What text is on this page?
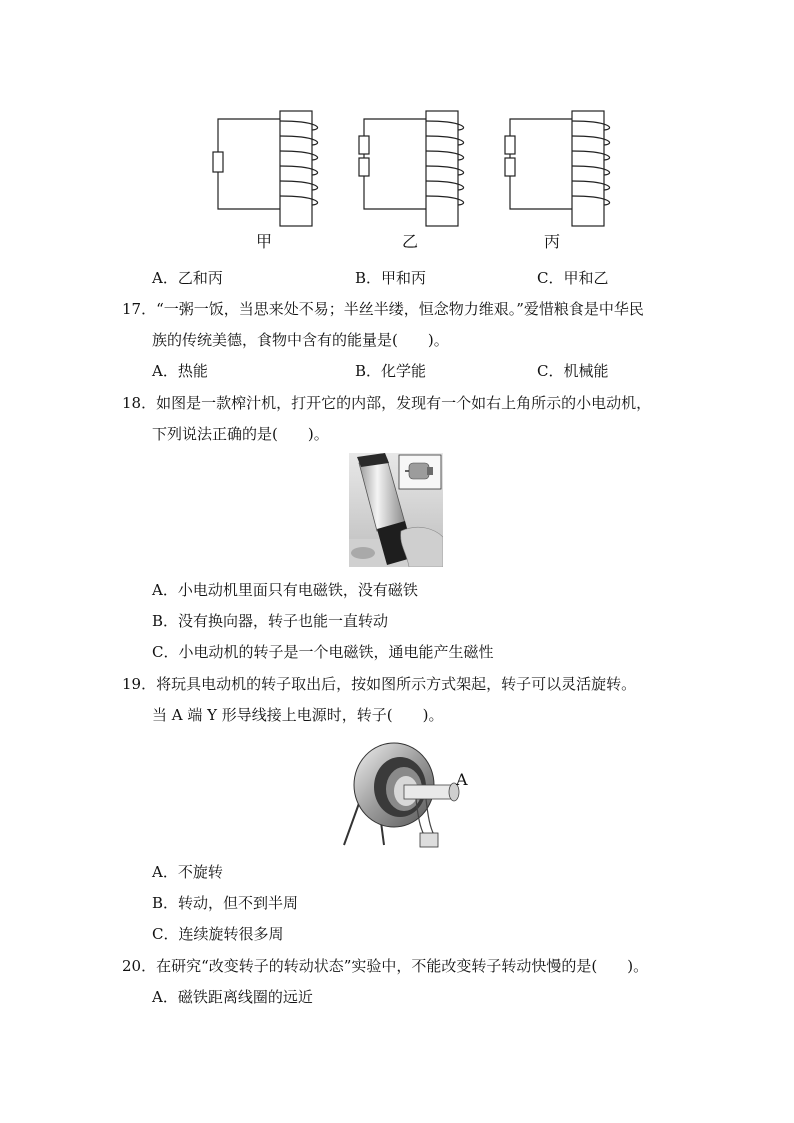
甲	乙	丙
A．乙和丙	B．甲和丙	C．甲和乙
17．“一粥一饭，当思来处不易；半丝半缕，恒念物力维艰。”爱惜粮食是中华民
族的传统美德，食物中含有的能量是(　　)。
A．热能	B．化学能	C．机械能
18．如图是一款榨汁机，打开它的内部，发现有一个如右上角所示的小电动机，
下列说法正确的是(　　)。
A．小电动机里面只有电磁铁，没有磁铁
B．没有换向器，转子也能一直转动
C．小电动机的转子是一个电磁铁，通电能产生磁性
19．将玩具电动机的转子取出后，按如图所示方式架起，转子可以灵活旋转。
当 A 端 Y 形导线接上电源时，转子(　　)。
A
A．不旋转
B．转动，但不到半周
C．连续旋转很多周
20．在研究“改变转子的转动状态”实验中，不能改变转子转动快慢的是(　　)。
A．磁铁距离线圈的远近
